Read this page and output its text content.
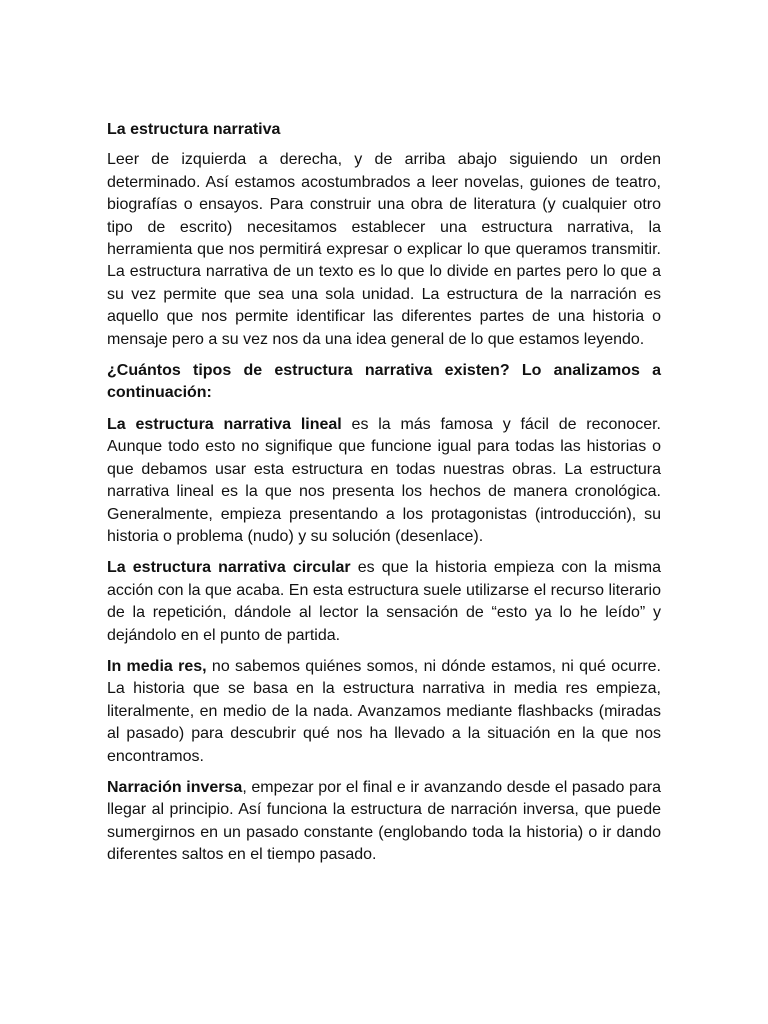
La estructura narrativa

Leer de izquierda a derecha, y de arriba abajo siguiendo un orden determinado. Así estamos acostumbrados a leer novelas, guiones de teatro, biografías o ensayos. Para construir una obra de literatura (y cualquier otro tipo de escrito) necesitamos establecer una estructura narrativa, la herramienta que nos permitirá expresar o explicar lo que queramos transmitir. La estructura narrativa de un texto es lo que lo divide en partes pero lo que a su vez permite que sea una sola unidad. La estructura de la narración es aquello que nos permite identificar las diferentes partes de una historia o mensaje pero a su vez nos da una idea general de lo que estamos leyendo.

¿Cuántos tipos de estructura narrativa existen? Lo analizamos a continuación:

La estructura narrativa lineal es la más famosa y fácil de reconocer. Aunque todo esto no signifique que funcione igual para todas las historias o que debamos usar esta estructura en todas nuestras obras. La estructura narrativa lineal es la que nos presenta los hechos de manera cronológica. Generalmente, empieza presentando a los protagonistas (introducción), su historia o problema (nudo) y su solución (desenlace).

La estructura narrativa circular es que la historia empieza con la misma acción con la que acaba. En esta estructura suele utilizarse el recurso literario de la repetición, dándole al lector la sensación de “esto ya lo he leído” y dejándolo en el punto de partida.

In media res, no sabemos quiénes somos, ni dónde estamos, ni qué ocurre. La historia que se basa en la estructura narrativa in media res empieza, literalmente, en medio de la nada. Avanzamos mediante flashbacks (miradas al pasado) para descubrir qué nos ha llevado a la situación en la que nos encontramos.

Narración inversa, empezar por el final e ir avanzando desde el pasado para llegar al principio. Así funciona la estructura de narración inversa, que puede sumergirnos en un pasado constante (englobando toda la historia) o ir dando diferentes saltos en el tiempo pasado.
